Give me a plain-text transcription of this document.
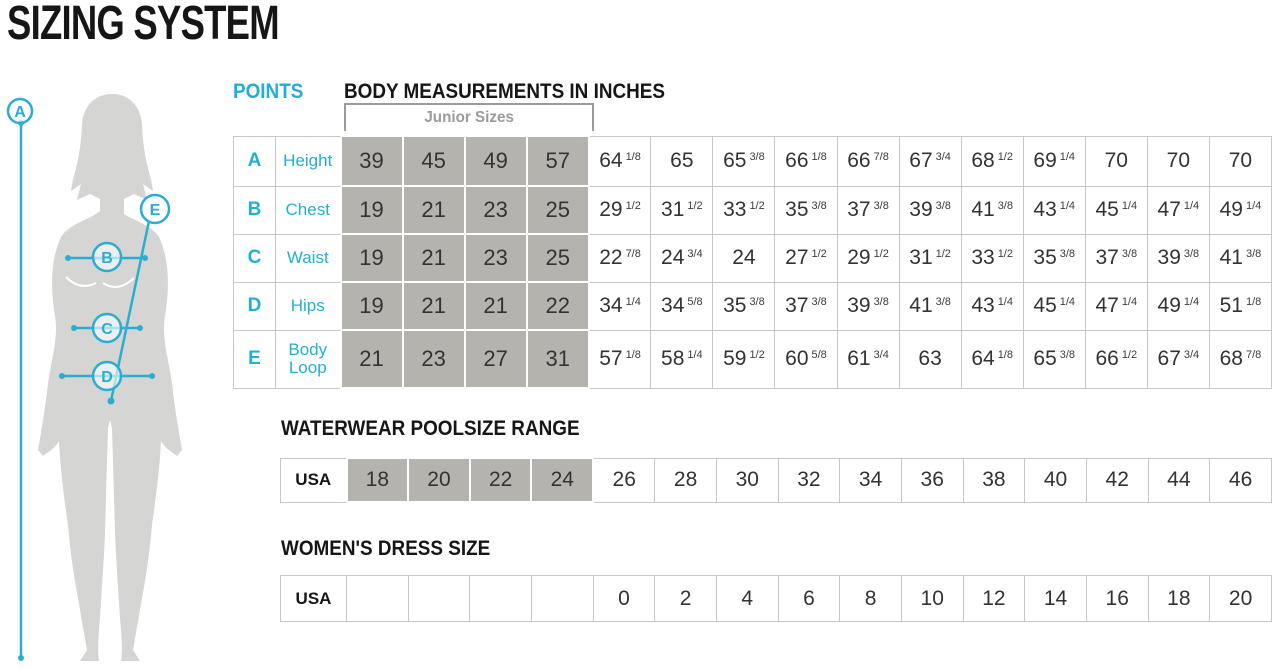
SIZING SYSTEM
A
E
B
C
D
POINTS BODY MEASUREMENTS IN INCHES
Junior Sizes
A	Height	39	45	49	57	64 $^{1/8}$	65	65 $^{3/8}$	66 $^{1/8}$	66 $^{7/8}$	67 $^{3/4}$	68 $^{1/2}$	69 $^{1/4}$	70	70	70
B	Chest	19	21	23	25	29 $^{1/2}$	31 $^{1/2}$	33 $^{1/2}$	35 $^{3/8}$	37 $^{3/8}$	39 $^{3/8}$	41 $^{3/8}$	43 $^{1/4}$	45 $^{1/4}$	47 $^{1/4}$	49 $^{1/4}$
C	Waist	19	21	23	25	22 $^{7/8}$	24 $^{3/4}$	24	27 $^{1/2}$	29 $^{1/2}$	31 $^{1/2}$	33 $^{1/2}$	35 $^{3/8}$	37 $^{3/8}$	39 $^{3/8}$	41 $^{3/8}$
D	Hips	19	21	21	22	34 $^{1/4}$	34 $^{5/8}$	35 $^{3/8}$	37 $^{3/8}$	39 $^{3/8}$	41 $^{3/8}$	43 $^{1/4}$	45 $^{1/4}$	47 $^{1/4}$	49 $^{1/4}$	51 $^{1/8}$
E	Body Loop	21	23	27	31	57 $^{1/8}$	58 $^{1/4}$	59 $^{1/2}$	60 $^{5/8}$	61 $^{3/4}$	63	64 $^{1/8}$	65 $^{3/8}$	66 $^{1/2}$	67 $^{3/4}$	68 $^{7/8}$
WATERWEAR POOLSIZE RANGE
USA	18	20	22	24	26	28	30	32	34	36	38	40	42	44	46
WOMEN'S DRESS SIZE
USA					0	2	4	6	8	10	12	14	16	18	20
